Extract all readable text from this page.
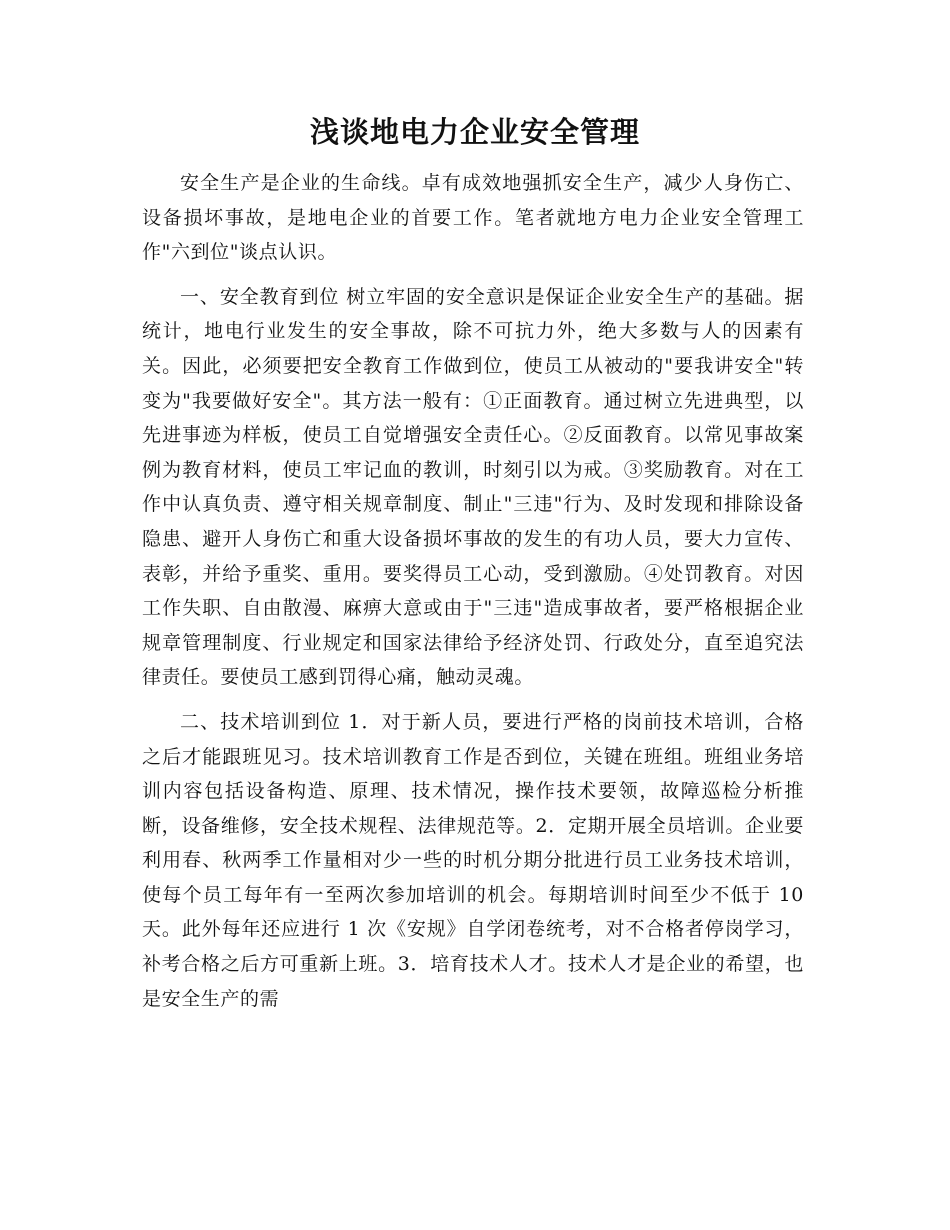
浅谈地电力企业安全管理

安全生产是企业的生命线。卓有成效地强抓安全生产，减少人身伤亡、设备损坏事故，是地电企业的首要工作。笔者就地方电力企业安全管理工作"六到位"谈点认识。

一、安全教育到位 树立牢固的安全意识是保证企业安全生产的基础。据统计，地电行业发生的安全事故，除不可抗力外，绝大多数与人的因素有关。因此，必须要把安全教育工作做到位，使员工从被动的"要我讲安全"转变为"我要做好安全"。其方法一般有：①正面教育。通过树立先进典型，以先进事迹为样板，使员工自觉增强安全责任心。②反面教育。以常见事故案例为教育材料，使员工牢记血的教训，时刻引以为戒。③奖励教育。对在工作中认真负责、遵守相关规章制度、制止"三违"行为、及时发现和排除设备隐患、避开人身伤亡和重大设备损坏事故的发生的有功人员，要大力宣传、表彰，并给予重奖、重用。要奖得员工心动，受到激励。④处罚教育。对因工作失职、自由散漫、麻痹大意或由于"三违"造成事故者，要严格根据企业规章管理制度、行业规定和国家法律给予经济处罚、行政处分，直至追究法律责任。要使员工感到罚得心痛，触动灵魂。

二、技术培训到位 1．对于新人员，要进行严格的岗前技术培训，合格之后才能跟班见习。技术培训教育工作是否到位，关键在班组。班组业务培训内容包括设备构造、原理、技术情况，操作技术要领，故障巡检分析推断，设备维修，安全技术规程、法律规范等。2．定期开展全员培训。企业要利用春、秋两季工作量相对少一些的时机分期分批进行员工业务技术培训，使每个员工每年有一至两次参加培训的机会。每期培训时间至少不低于 10 天。此外每年还应进行 1 次《安规》自学闭卷统考，对不合格者停岗学习，补考合格之后方可重新上班。3．培育技术人才。技术人才是企业的希望，也是安全生产的需
